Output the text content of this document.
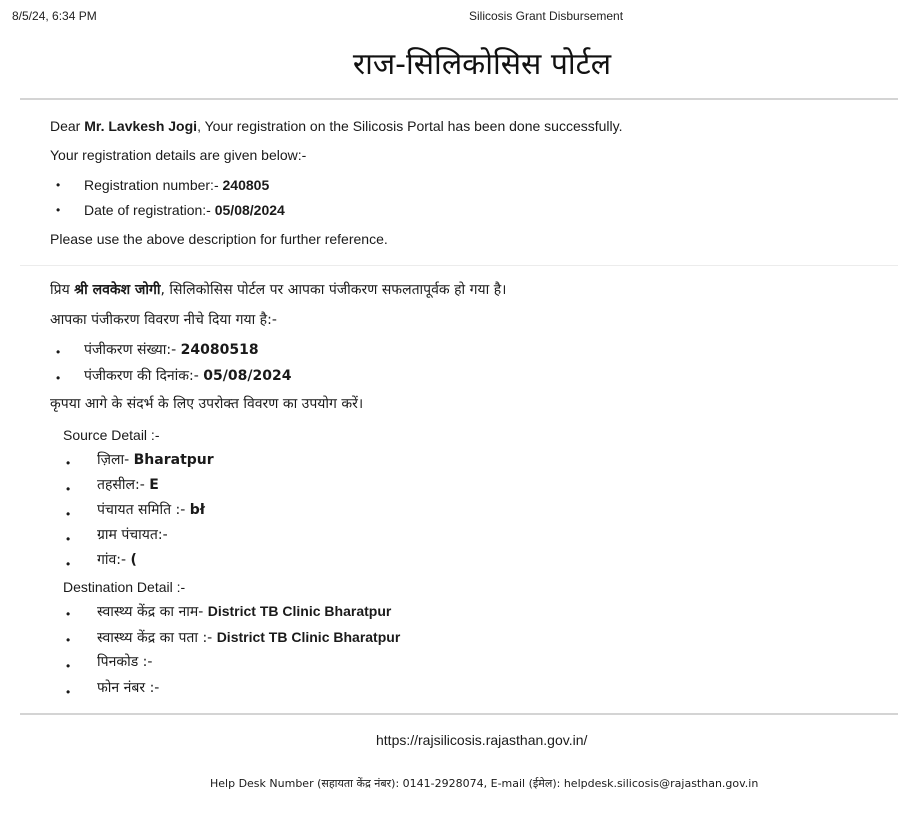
8/5/24, 6:34 PM	Silicosis Grant Disbursement
राज-सिलिकोसिस पोर्टल
Dear Mr. Lavkesh Jogi, Your registration on the Silicosis Portal has been done successfully.
Your registration details are given below:-
• Registration number:- 240805
• Date of registration:- 05/08/2024
Please use the above description for further reference.
प्रिय श्री लवकेश जोगी, सिलिकोसिस पोर्टल पर आपका पंजीकरण सफलतापूर्वक हो गया है।
आपका पंजीकरण विवरण नीचे दिया गया है:-
• पंजीकरण संख्या:- 24080518
• पंजीकरण की दिनांक:- 05/08/2024
कृपया आगे के संदर्भ के लिए उपरोक्त विवरण का उपयोग करें।
Source Detail :-
• ज़िला- Bharatpur
• तहसील:- E
• पंचायत समिति :- bł
• ग्राम पंचायत:-
• गांव:- (
Destination Detail :-
• स्वास्थ्य केंद्र का नाम- District TB Clinic Bharatpur
• स्वास्थ्य केंद्र का पता :- District TB Clinic Bharatpur
• पिनकोड :-
• फोन नंबर :-
https://rajsilicosis.rajasthan.gov.in/
Help Desk Number (सहायता केंद्र नंबर): 0141-2928074, E-mail (ईमेल): helpdesk.silicosis@rajasthan.gov.in
